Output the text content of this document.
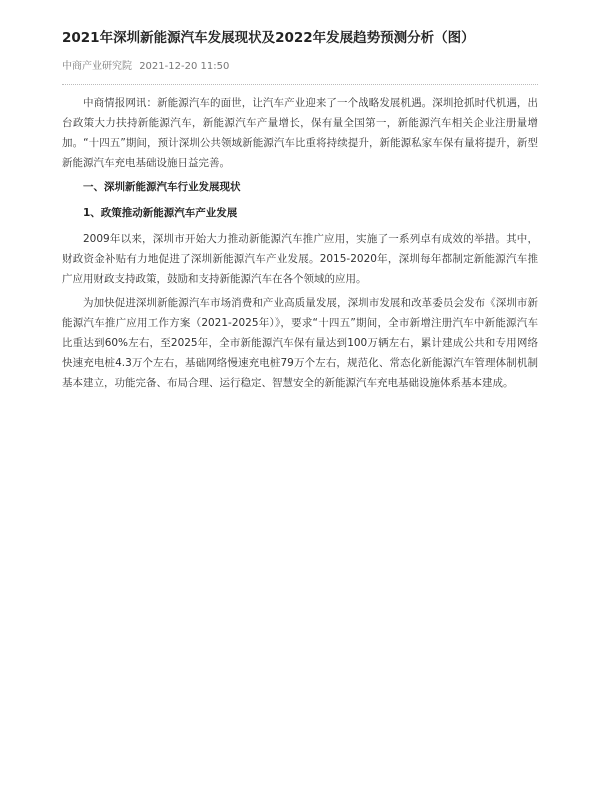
2021年深圳新能源汽车发展现状及2022年发展趋势预测分析（图）
中商产业研究院 2021-12-20 11:50

中商情报网讯：新能源汽车的面世，让汽车产业迎来了一个战略发展机遇。深圳抢抓时代机遇，出台政策大力扶持新能源汽车，新能源汽车产量增长，保有量全国第一，新能源汽车相关企业注册量增加。“十四五”期间，预计深圳公共领域新能源汽车比重将持续提升，新能源私家车保有量将提升，新型新能源汽车充电基础设施日益完善。

一、深圳新能源汽车行业发展现状

1、政策推动新能源汽车产业发展

2009年以来，深圳市开始大力推动新能源汽车推广应用，实施了一系列卓有成效的举措。其中，财政资金补贴有力地促进了深圳新能源汽车产业发展。2015-2020年，深圳每年都制定新能源汽车推广应用财政支持政策，鼓励和支持新能源汽车在各个领域的应用。

为加快促进深圳新能源汽车市场消费和产业高质量发展，深圳市发展和改革委员会发布《深圳市新能源汽车推广应用工作方案（2021-2025年）》，要求“十四五”期间，全市新增注册汽车中新能源汽车比重达到60%左右，至2025年，全市新能源汽车保有量达到100万辆左右，累计建成公共和专用网络快速充电桩4.3万个左右，基础网络慢速充电桩79万个左右，规范化、常态化新能源汽车管理体制机制基本建立，功能完备、布局合理、运行稳定、智慧安全的新能源汽车充电基础设施体系基本建成。
